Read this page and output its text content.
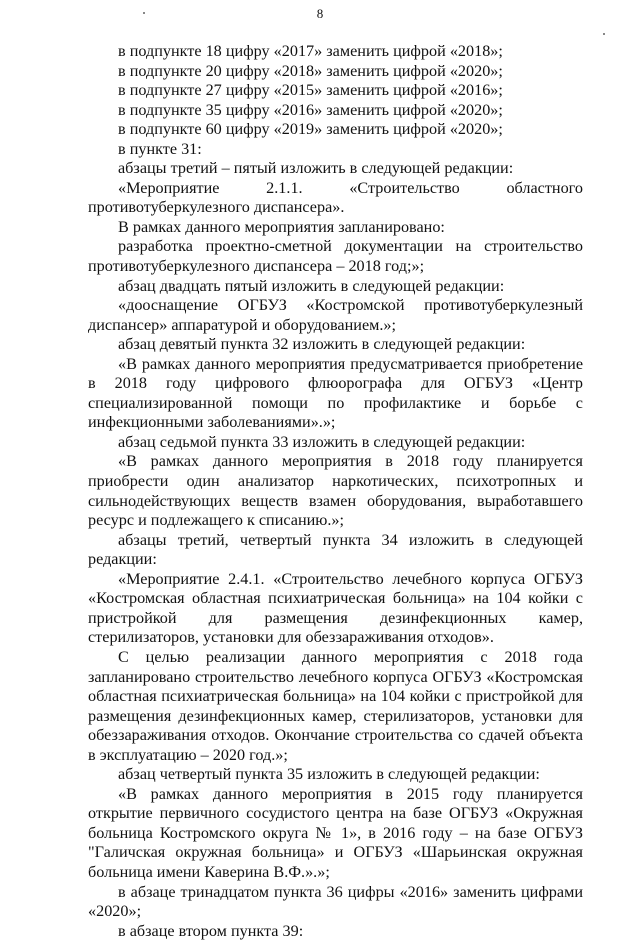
8

в подпункте 18 цифру «2017» заменить цифрой «2018»;

в подпункте 20 цифру «2018» заменить цифрой «2020»;

в подпункте 27 цифру «2015» заменить цифрой «2016»;

в подпункте 35 цифру «2016» заменить цифрой «2020»;

в подпункте 60 цифру «2019» заменить цифрой «2020»;

в пункте 31:

абзацы третий – пятый изложить в следующей редакции:

«Мероприятие 2.1.1. «Строительство областного противотуберкулезного диспансера».

В рамках данного мероприятия запланировано:

разработка проектно-сметной документации на строительство противотуберкулезного диспансера – 2018 год;»;

абзац двадцать пятый изложить в следующей редакции:

«дооснащение ОГБУЗ «Костромской противотуберкулезный диспансер» аппаратурой и оборудованием.»;

абзац девятый пункта 32 изложить в следующей редакции:

«В рамках данного мероприятия предусматривается приобретение в 2018 году цифрового флюорографа для ОГБУЗ «Центр специализированной помощи по профилактике и борьбе с инфекционными заболеваниями».»;

абзац седьмой пункта 33 изложить в следующей редакции:

«В рамках данного мероприятия в 2018 году планируется приобрести один анализатор наркотических, психотропных и сильнодействующих веществ взамен оборудования, выработавшего ресурс и подлежащего к списанию.»;

абзацы третий, четвертый пункта 34 изложить в следующей редакции:

«Мероприятие 2.4.1. «Строительство лечебного корпуса ОГБУЗ «Костромская областная психиатрическая больница» на 104 койки с пристройкой для размещения дезинфекционных камер, стерилизаторов, установки для обеззараживания отходов».

С целью реализации данного мероприятия с 2018 года запланировано строительство лечебного корпуса ОГБУЗ «Костромская областная психиатрическая больница» на 104 койки с пристройкой для размещения дезинфекционных камер, стерилизаторов, установки для обеззараживания отходов. Окончание строительства со сдачей объекта в эксплуатацию – 2020 год.»;

абзац четвертый пункта 35 изложить в следующей редакции:

«В рамках данного мероприятия в 2015 году планируется открытие первичного сосудистого центра на базе ОГБУЗ «Окружная больница Костромского округа № 1», в 2016 году – на базе ОГБУЗ "Галичская окружная больница» и ОГБУЗ «Шарьинская окружная больница имени Каверина В.Ф.».»;

в абзаце тринадцатом пункта 36 цифры «2016» заменить цифрами «2020»;

в абзаце втором пункта 39:
